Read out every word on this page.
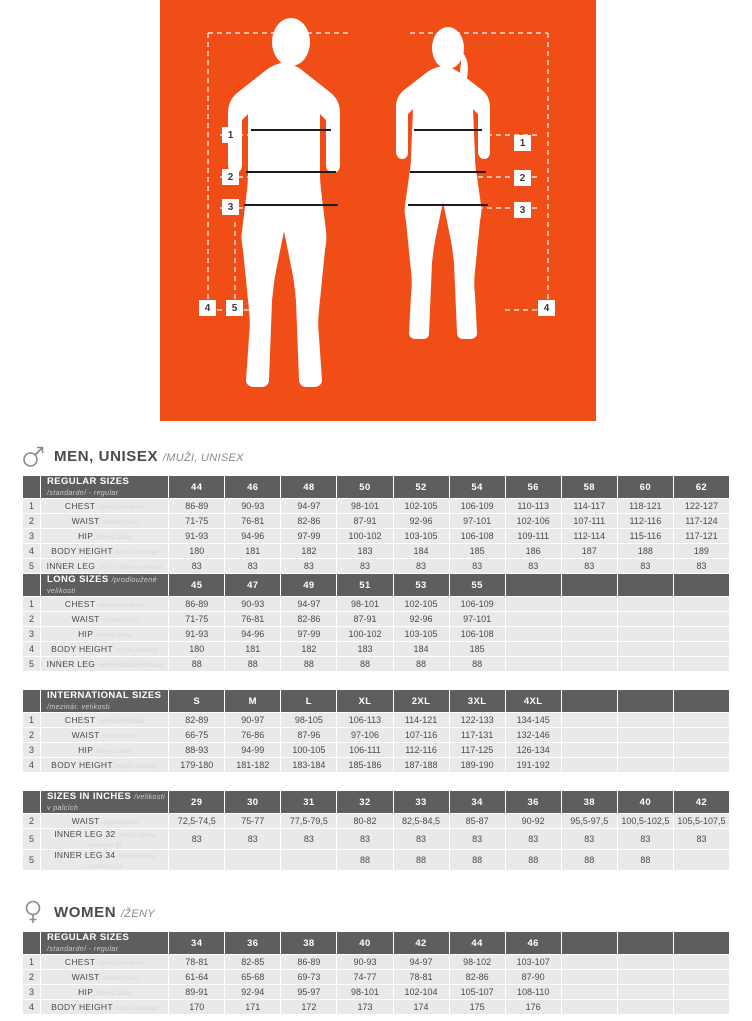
1
2
3
4	5
1
2
3
4
MEN, UNISEX /MUŽI, UNISEX
	REGULAR SIZES /standardní - regular	44	46	48	50	52	54	56	58	60	62
1	CHEST /obvod hrudníku	86-89	90-93	94-97	98-101	102-105	106-109	110-113	114-117	118-121	122-127
2	WAIST /obvod pasu	71-75	76-81	82-86	87-91	92-96	97-101	102-106	107-111	112-116	117-124
3	HIP /obvod sedu	91-93	94-96	97-99	100-102	103-105	106-108	109-111	112-114	115-116	117-121
4	BODY HEIGHT /výška postavy	180	181	182	183	184	185	186	187	188	189
5	INNER LEG /vnitřní délka nohavice	83	83	83	83	83	83	83	83	83	83
	LONG SIZES /prodloužené velikosti	45	47	49	51	53	55				
1	CHEST /obvod hrudníku	86-89	90-93	94-97	98-101	102-105	106-109				
2	WAIST /obvod pasu	71-75	76-81	82-86	87-91	92-96	97-101				
3	HIP /obvod sedu	91-93	94-96	97-99	100-102	103-105	106-108				
4	BODY HEIGHT /výška postavy	180	181	182	183	184	185				
5	INNER LEG /vnitřní délka nohavice	88	88	88	88	88	88				
	INTERNATIONAL SIZES /mezinár. velikosti	S	M	L	XL	2XL	3XL	4XL			
1	CHEST /obvod hrudníku	82-89	90-97	98-105	106-113	114-121	122-133	134-145			
2	WAIST /obvod pasu	66-75	76-86	87-96	97-106	107-116	117-131	132-146			
3	HIP /obvod sedu	88-93	94-99	100-105	106-111	112-116	117-125	126-134			
4	BODY HEIGHT /výška postavy	179-180	181-182	183-184	185-186	187-188	189-190	191-192			
	SIZES IN INCHES /velikosti v palcích	29	30	31	32	33	34	36	38	40	42
2	WAIST /obvod pasu	72,5-74,5	75-77	77,5-79,5	80-82	82,5-84,5	85-87	90-92	95,5-97,5	100,5-102,5	105,5-107,5
5	INNER LEG 32 /vnitřní délka nohavice 32	83	83	83	83	83	83	83	83	83	83
5	INNER LEG 34 /vnitřní délka nohavice 34				88	88	88	88	88	88	
WOMEN /ŽENY
	REGULAR SIZES /standardní - regular	34	36	38	40	42	44	46			
1	CHEST /obvod hrudníku	78-81	82-85	86-89	90-93	94-97	98-102	103-107			
2	WAIST /obvod pasu	61-64	65-68	69-73	74-77	78-81	82-86	87-90			
3	HIP /obvod sedu	89-91	92-94	95-97	98-101	102-104	105-107	108-110			
4	BODY HEIGHT /výška postavy	170	171	172	173	174	175	176			
